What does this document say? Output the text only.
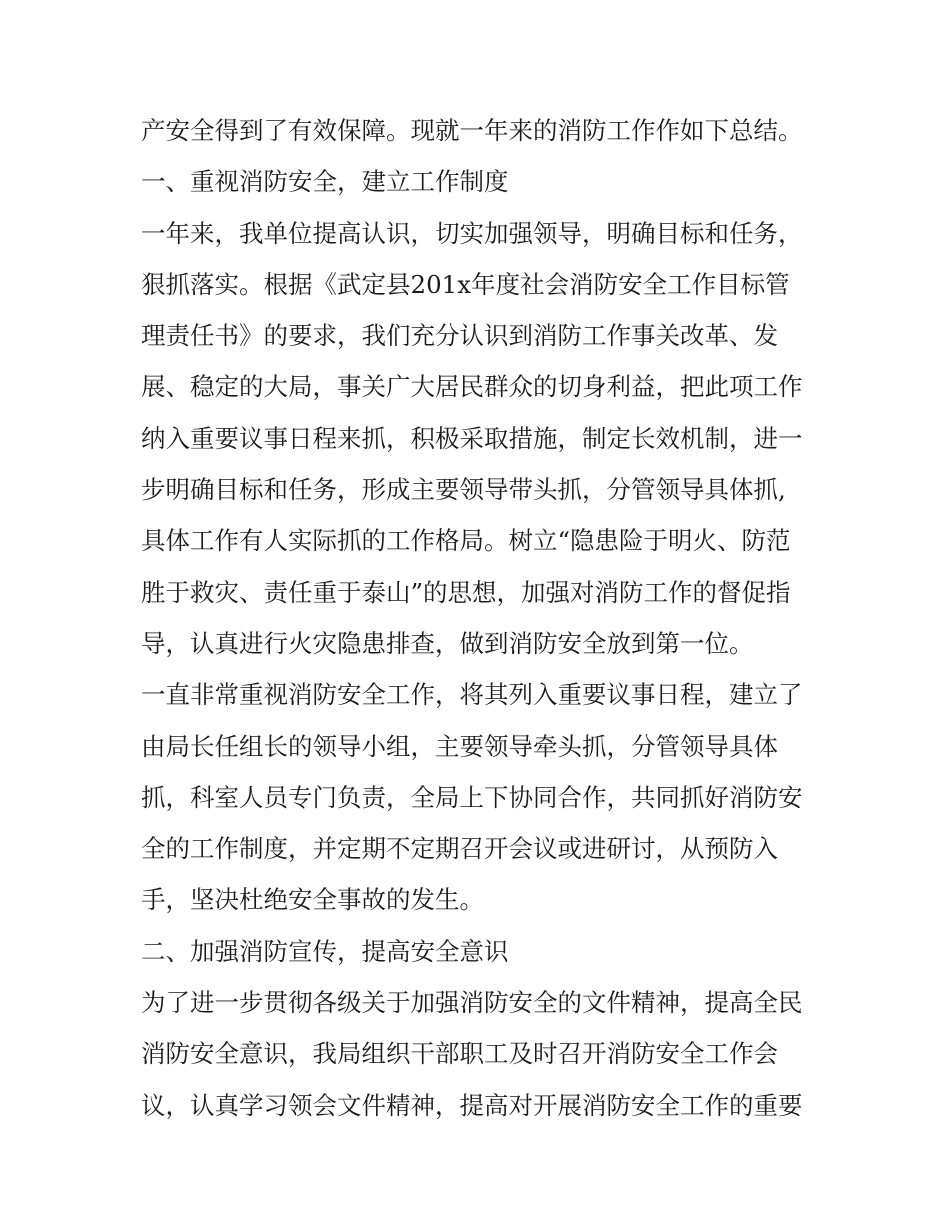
产安全得到了有效保障。现就一年来的消防工作作如下总结。
一、重视消防安全，建立工作制度
一年来，我单位提高认识，切实加强领导，明确目标和任务，
狠抓落实。根据《武定县201x年度社会消防安全工作目标管
理责任书》的要求，我们充分认识到消防工作事关改革、发
展、稳定的大局，事关广大居民群众的切身利益，把此项工作
纳入重要议事日程来抓，积极采取措施，制定长效机制，进一
步明确目标和任务，形成主要领导带头抓，分管领导具体抓,
具体工作有人实际抓的工作格局。树立“隐患险于明火、防范
胜于救灾、责任重于泰山”的思想，加强对消防工作的督促指
导，认真进行火灾隐患排查，做到消防安全放到第一位。
一直非常重视消防安全工作，将其列入重要议事日程，建立了
由局长任组长的领导小组，主要领导牵头抓，分管领导具体
抓，科室人员专门负责，全局上下协同合作，共同抓好消防安
全的工作制度，并定期不定期召开会议或进研讨，从预防入
手，坚决杜绝安全事故的发生。
二、加强消防宣传，提高安全意识
为了进一步贯彻各级关于加强消防安全的文件精神，提高全民
消防安全意识，我局组织干部职工及时召开消防安全工作会
议，认真学习领会文件精神，提高对开展消防安全工作的重要
